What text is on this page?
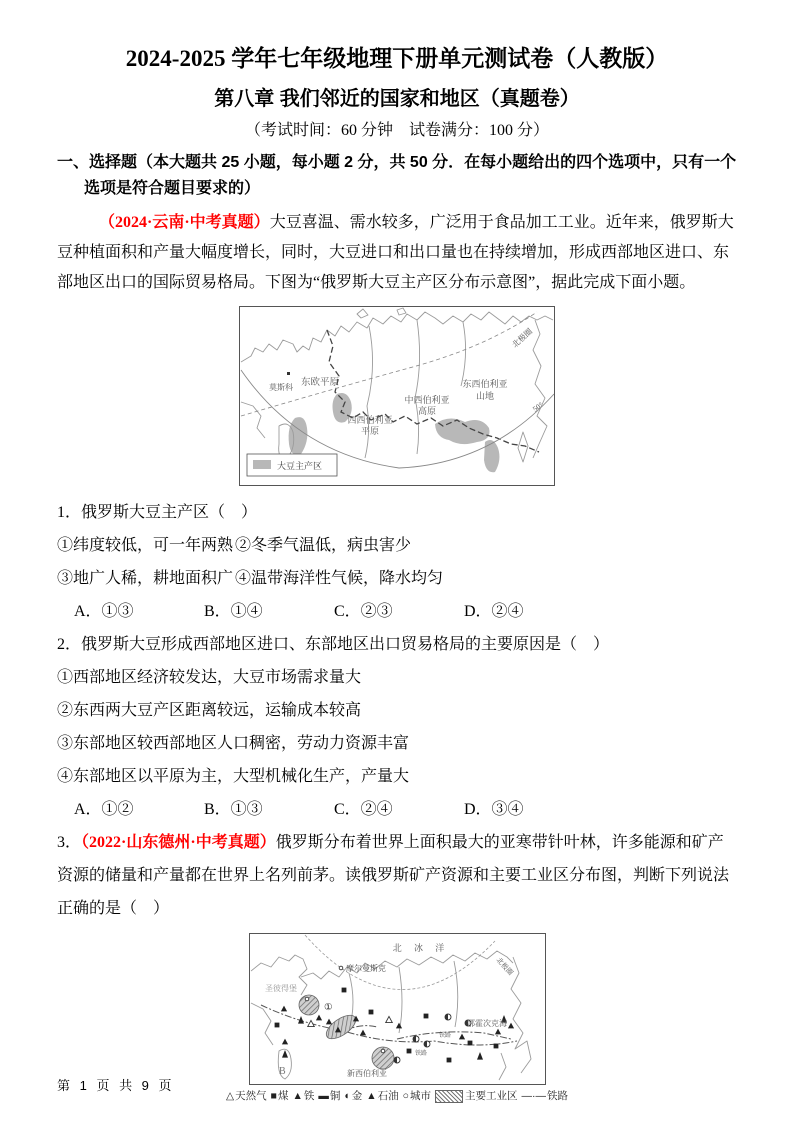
2024-2025 学年七年级地理下册单元测试卷（人教版）
第八章 我们邻近的国家和地区（真题卷）
（考试时间：60 分钟　试卷满分：100 分）
一、选择题（本大题共 25 小题，每小题 2 分，共 50 分．在每小题给出的四个选项中，只有一个选项是符合题目要求的）

（2024·云南·中考真题）大豆喜温、需水较多，广泛用于食品加工工业。近年来，俄罗斯大豆种植面积和产量大幅度增长，同时，大豆进口和出口量也在持续增加，形成西部地区进口、东部地区出口的国际贸易格局。下图为“俄罗斯大豆主产区分布示意图”，据此完成下面小题。

莫斯科 东欧平原
西西伯利亚
平原
中西伯利亚
高原
东西伯利亚
山地
北极圈
50°
大豆主产区
1．俄罗斯大豆主产区（　）
①纬度较低，可一年两熟 ②冬季气温低，病虫害少
③地广人稀，耕地面积广 ④温带海洋性气候，降水均匀
A．①③	B．①④	C．②③	D．②④
2．俄罗斯大豆形成西部地区进口、东部地区出口贸易格局的主要原因是（　）
①西部地区经济较发达，大豆市场需求量大
②东西两大豆产区距离较远，运输成本较高
③东部地区较西部地区人口稠密，劳动力资源丰富
④东部地区以平原为主，大型机械化生产，产量大
A．①②	B．①③	C．②④	D．③④
3．（2022·山东德州·中考真题）俄罗斯分布着世界上面积最大的亚寒带针叶林，许多能源和矿产资源的储量和产量都在世界上名列前茅。读俄罗斯矿产资源和主要工业区分布图，判断下列说法正确的是（　）
北 冰 洋
摩尔曼斯克
圣彼得堡
新西伯利亚
鄂霍次克海
北极圈
①
B
铁路
铁路
△天然气 ■煤 ▲铁 ▬铜 ◐金 ▲石油 ○城市	主要工业区 —·—铁路
第 1 页 共 9 页
